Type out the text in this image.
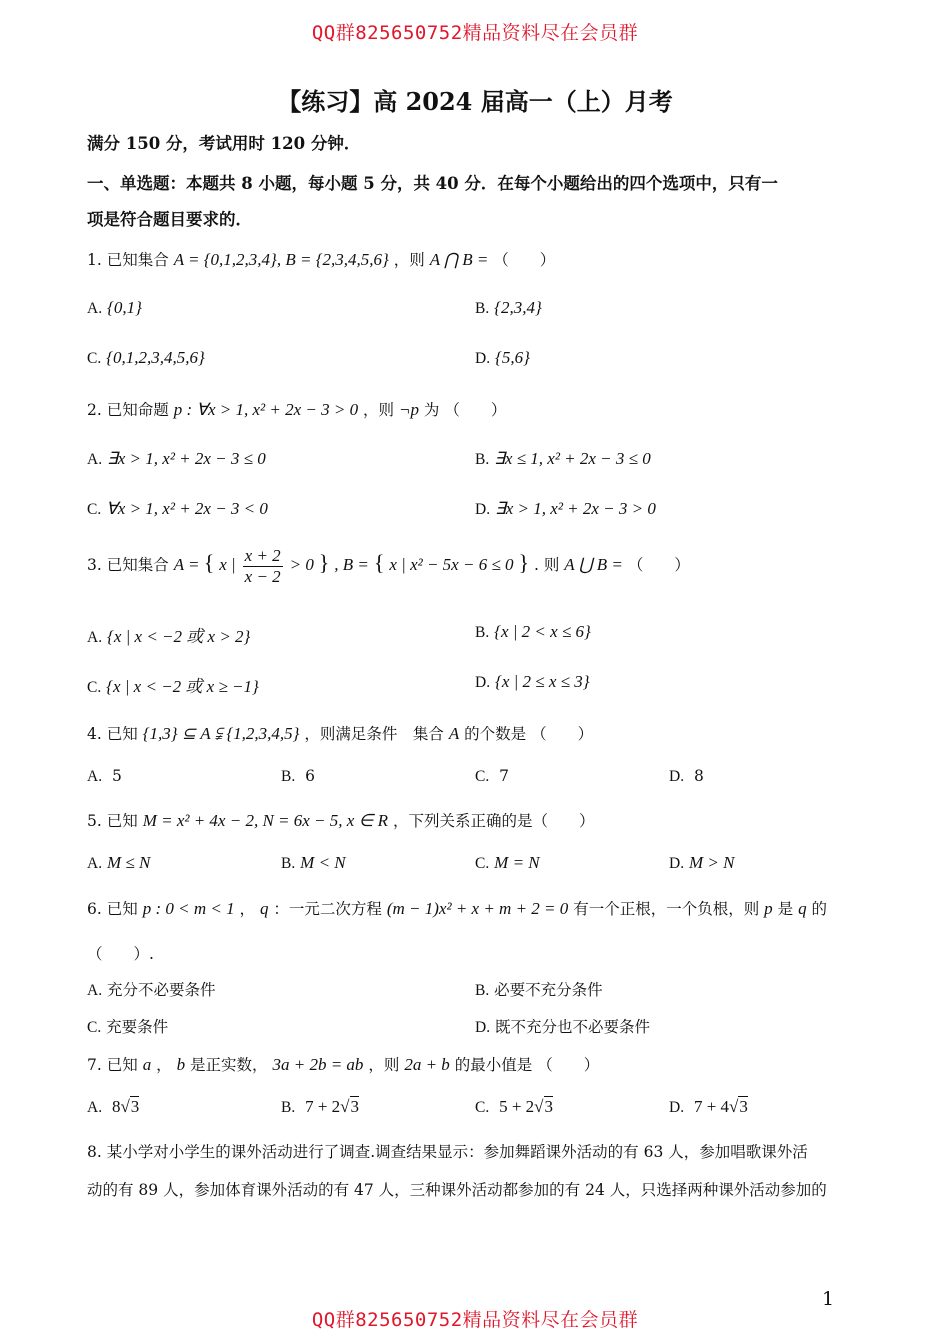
QQ群825650752精品资料尽在会员群
【练习】高 2024 届高一（上）月考
满分 150 分，考试用时 120 分钟．
一、单选题：本题共 8 小题，每小题 5 分，共 40 分．在每个小题给出的四个选项中，只有一
项是符合题目要求的．
1. 已知集合 A = {0,1,2,3,4}, B = {2,3,4,5,6} ，则 A ⋂ B = （　　）
A. {0,1}	B. {2,3,4}
C. {0,1,2,3,4,5,6}	D. {5,6}
2. 已知命题 p : ∀x > 1, x² + 2x − 3 > 0 ，则 ¬p 为 （　　）
A. ∃x > 1, x² + 2x − 3 ≤ 0	B. ∃x ≤ 1, x² + 2x − 3 ≤ 0
C. ∀x > 1, x² + 2x − 3 < 0	D. ∃x > 1, x² + 2x − 3 > 0
3. 已知集合 A = { x | $\frac{x + 2}{x - 2} > 0$ } , B = { x | x² − 5x − 6 ≤ 0 } . 则 A ⋃ B = （　　）
A. {x | x < −2 或 x > 2}	B. {x | 2 < x ≤ 6}
C. {x | x < −2 或 x ≥ −1}	D. {x | 2 ≤ x ≤ 3}
4. 已知 {1,3} ⊆ A ⫋ {1,2,3,4,5} ，则满足条件　集合 A 的个数是 （　　）
A. 5	B. 6	C. 7	D. 8
5. 已知 M = x² + 4x − 2, N = 6x − 5, x ∈ R ，下列关系正确的是（　　）
A. M ≤ N	B. M < N	C. M = N	D. M > N
6. 已知 p : 0 < m < 1 ， q ：一元二次方程 (m − 1)x² + x + m + 2 = 0 有一个正根，一个负根，则 p 是 q 的
（　　）.
A. 充分不必要条件	B. 必要不充分条件
C. 充要条件	D. 既不充分也不必要条件
7. 已知 a ， b 是正实数， 3a + 2b = ab ，则 2a + b 的最小值是 （　　）
A. 8√3	B. 7 + 2√3	C. 5 + 2√3	D. 7 + 4√3
8. 某小学对小学生的课外活动进行了调查.调查结果显示：参加舞蹈课外活动的有 63 人，参加唱歌课外活
动的有 89 人，参加体育课外活动的有 47 人，三种课外活动都参加的有 24 人，只选择两种课外活动参加的
1
QQ群825650752精品资料尽在会员群
